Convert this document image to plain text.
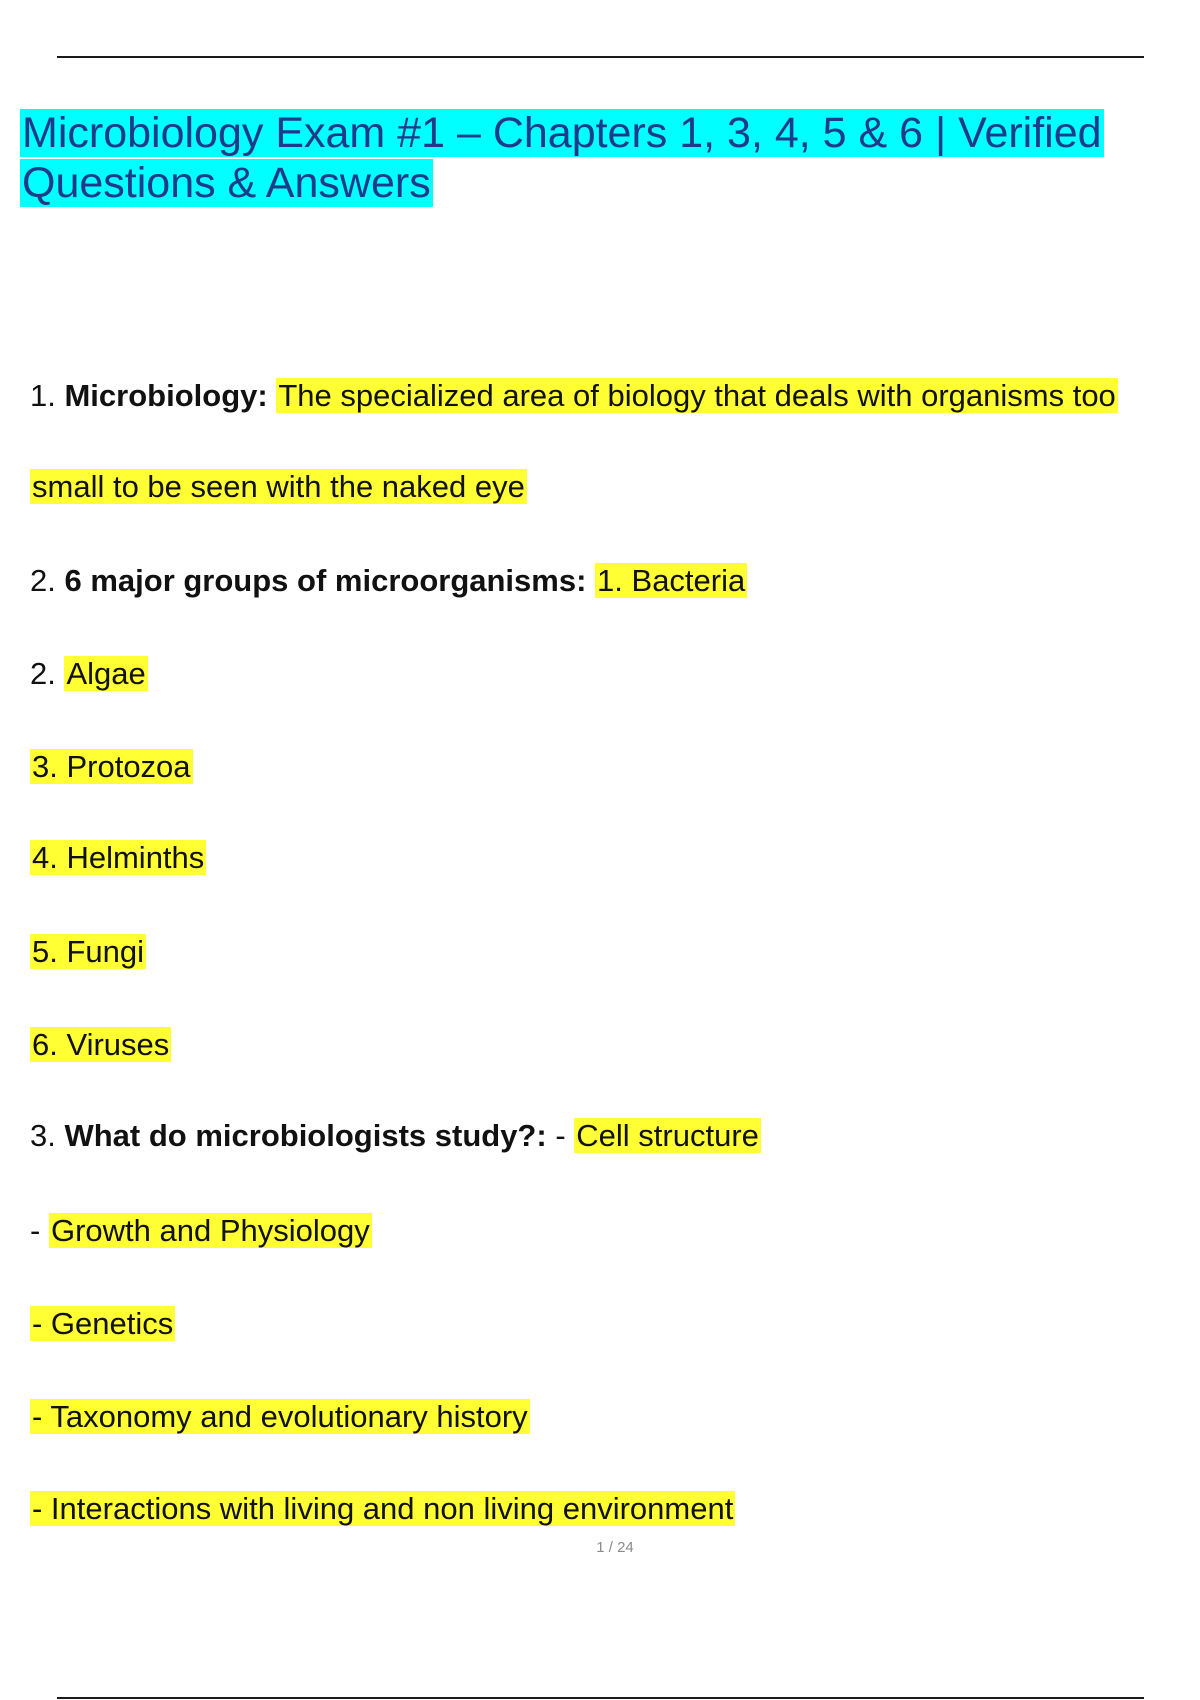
Microbiology Exam #1 – Chapters 1, 3, 4, 5 & 6 | Verified Questions & Answers
1. Microbiology: The specialized area of biology that deals with organisms too
small to be seen with the naked eye
2. 6 major groups of microorganisms: 1. Bacteria
2. Algae
3. Protozoa
4. Helminths
5. Fungi
6. Viruses
3. What do microbiologists study?: - Cell structure
- Growth and Physiology
- Genetics
- Taxonomy and evolutionary history
- Interactions with living and non living environment
1 / 24
